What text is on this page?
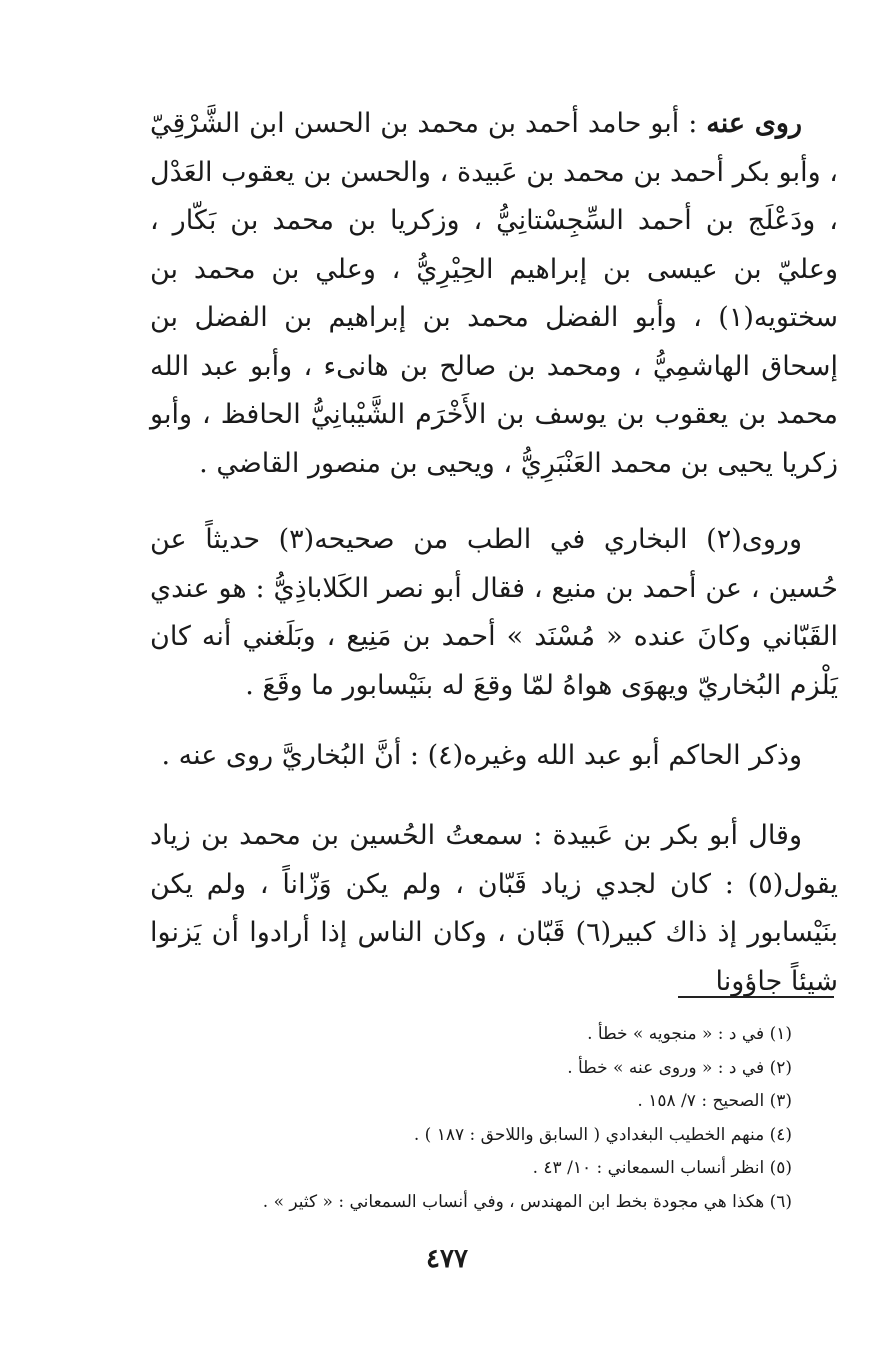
روى عنه : أبو حامد أحمد بن محمد بن الحسن ابن الشَّرْقِيّ ، وأبو بكر أحمد بن محمد بن عَبيدة ، والحسن بن يعقوب العَدْل ، ودَعْلَج بن أحمد السِّجِسْتانِيُّ ، وزكريا بن محمد بن بَكّار ، وعليّ بن عيسى بن إبراهيم الحِيْرِيُّ ، وعلي بن محمد بن سختويه(١) ، وأبو الفضل محمد بن إبراهيم بن الفضل بن إسحاق الهاشمِيُّ ، ومحمد بن صالح بن هانىء ، وأبو عبد الله محمد بن يعقوب بن يوسف بن الأَخْرَم الشَّيْبانِيُّ الحافظ ، وأبو زكريا يحيى بن محمد العَنْبَرِيُّ ، ويحيى بن منصور القاضي .

وروى(٢) البخاري في الطب من صحيحه(٣) حديثاً عن حُسين ، عن أحمد بن منيع ، فقال أبو نصر الكَلاباذِيُّ : هو عندي القَبّاني وكانَ عنده « مُسْنَد » أحمد بن مَنِيع ، وبَلَغني أنه كان يَلْزم البُخاريّ ويهوَى هواهُ لمّا وقعَ له بنَيْسابور ما وقَعَ .

وذكر الحاكم أبو عبد الله وغيره(٤) : أنَّ البُخاريَّ روى عنه .

وقال أبو بكر بن عَبيدة : سمعتُ الحُسين بن محمد بن زياد يقول(٥) : كان لجدي زياد قَبّان ، ولم يكن وَزّاناً ، ولم يكن بنَيْسابور إذ ذاك كبير(٦) قَبّان ، وكان الناس إذا أرادوا أن يَزنوا شيئاً جاؤونا

(١) في د : « منجويه » خطأ .
(٢) في د : « وروى عنه » خطأ .
(٣) الصحيح : ٧/ ١٥٨ .
(٤) منهم الخطيب البغدادي ( السابق واللاحق : ١٨٧ ) .
(٥) انظر أنساب السمعاني : ١٠/ ٤٣ .
(٦) هكذا هي مجودة بخط ابن المهندس ، وفي أنساب السمعاني : « كثير » .
٤٧٧
